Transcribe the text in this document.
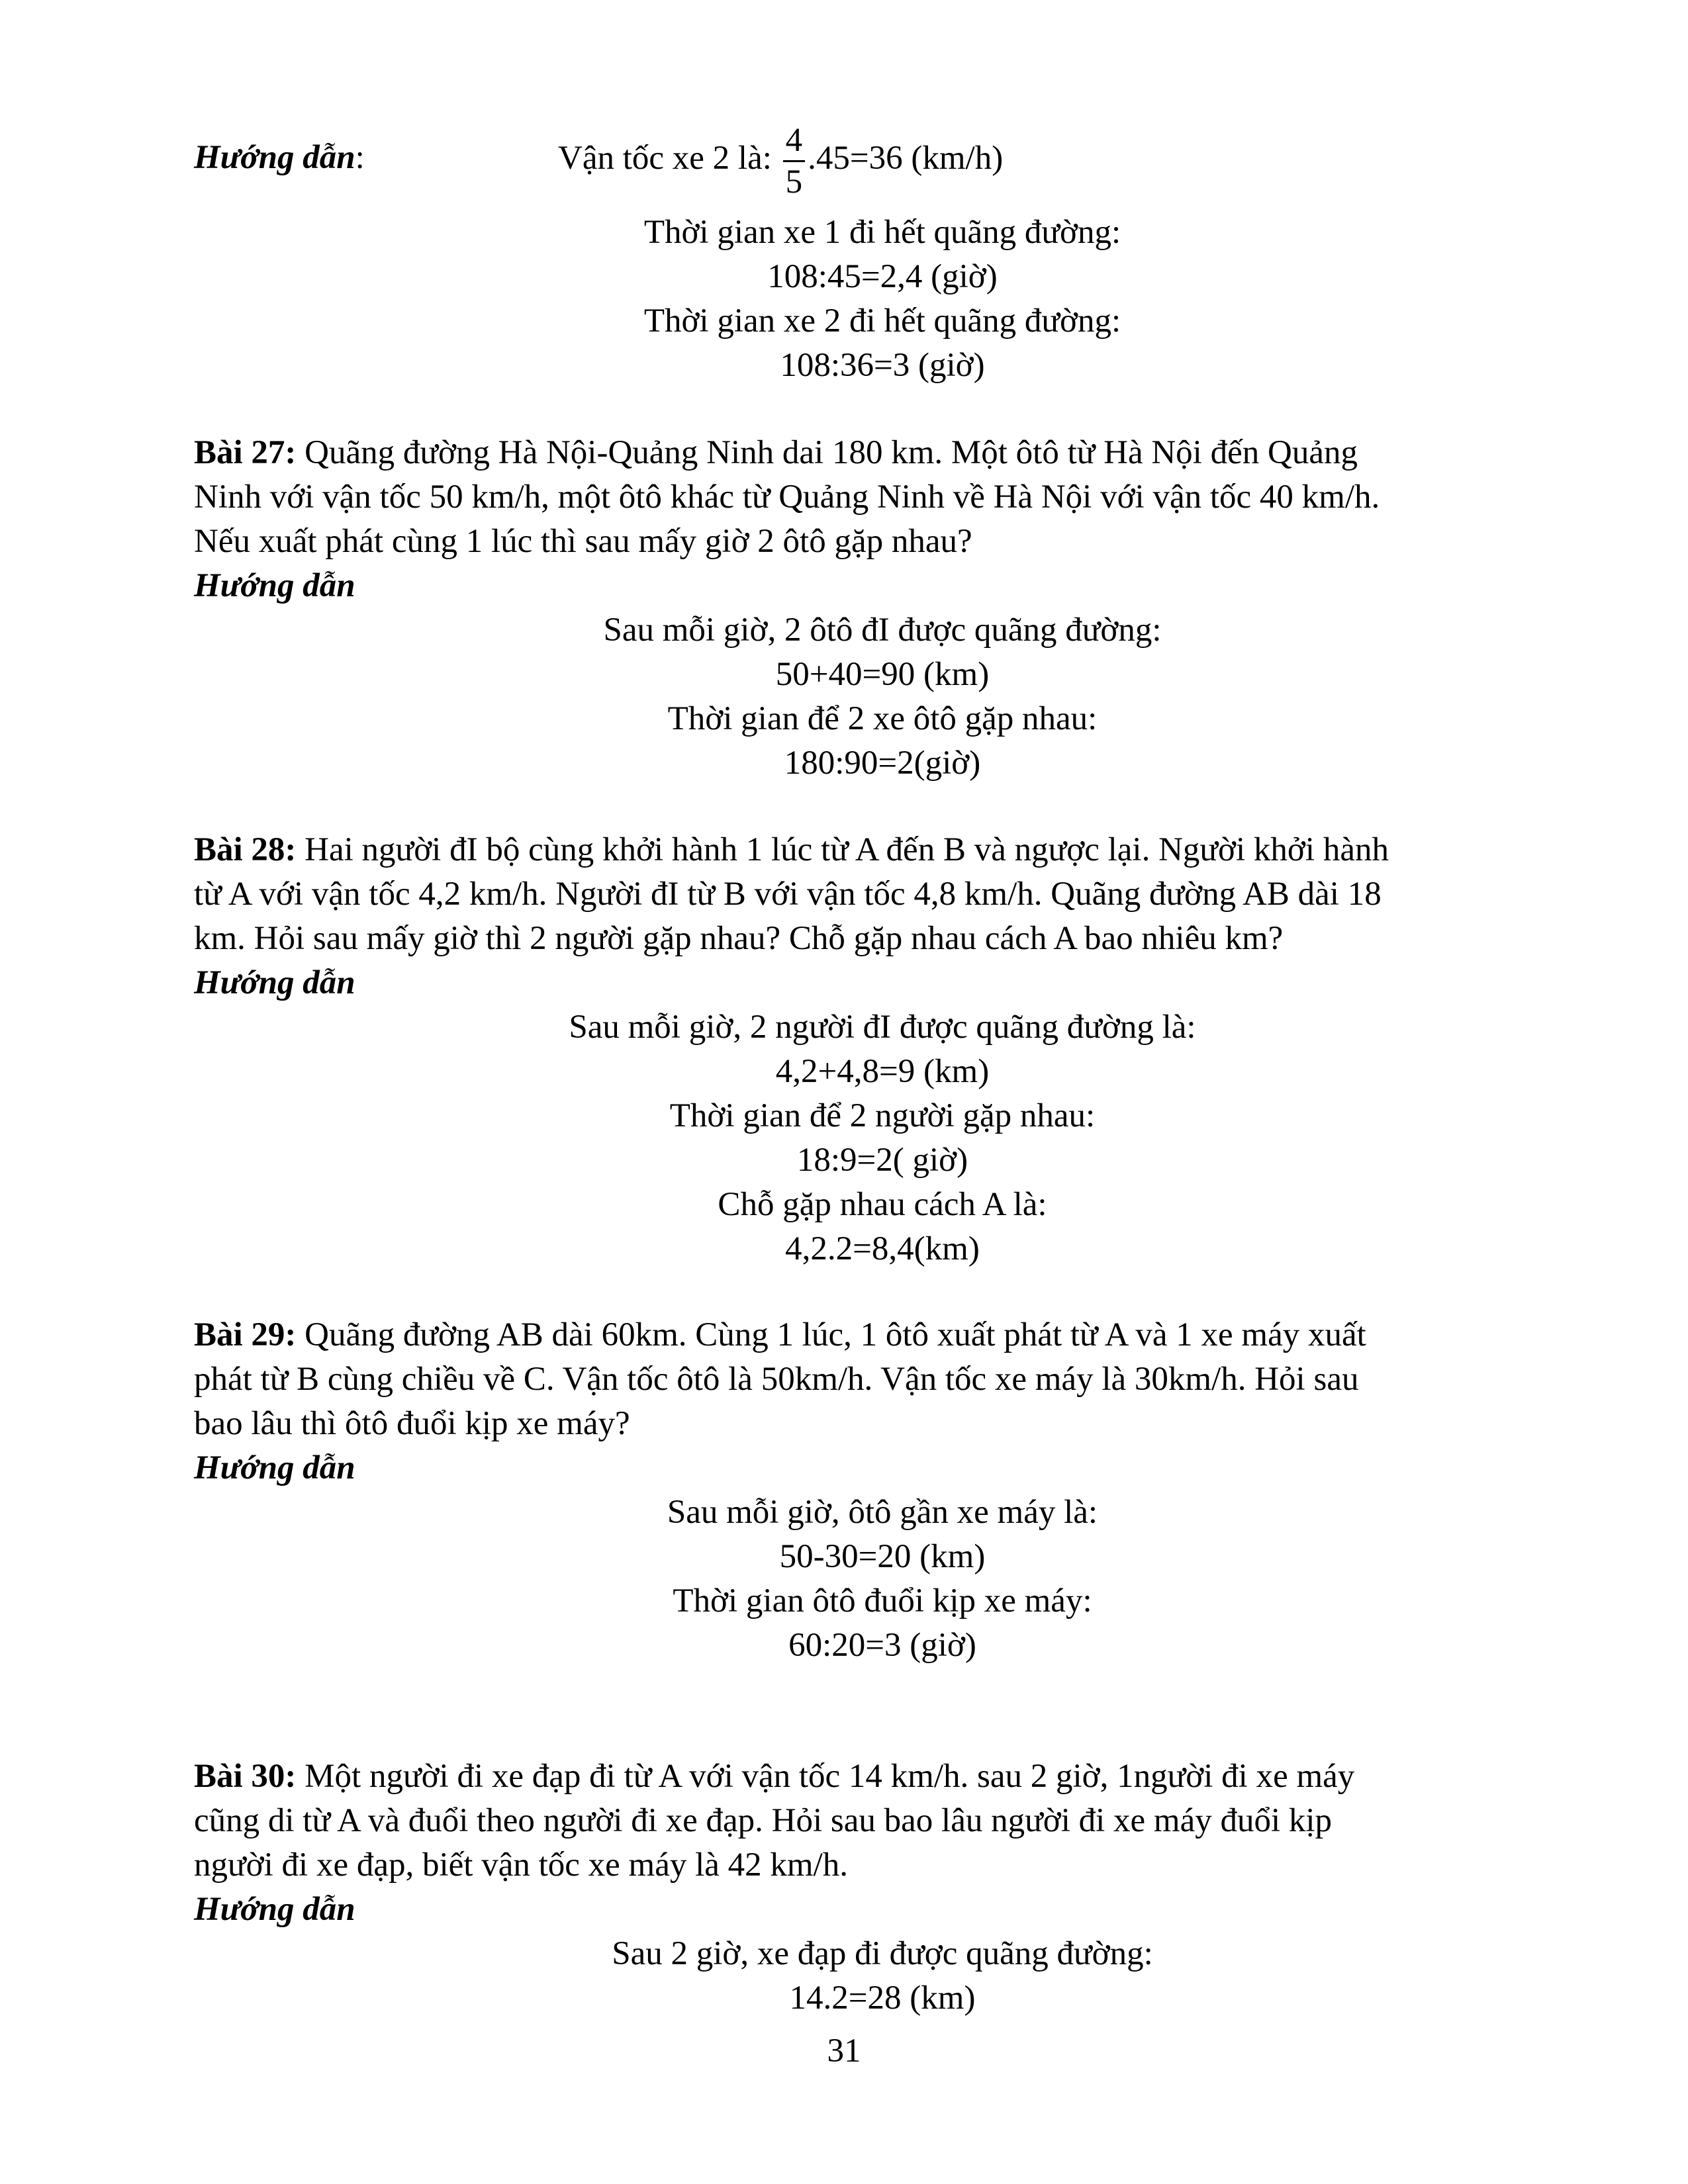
Hướng dẫn:	Vận tốc xe 2 là: $\frac{4}{5} .45=36$ (km/h)
Thời gian xe 1 đi hết quãng đường:
108:45=2,4 (giờ)
Thời gian xe 2 đi hết quãng đường:
108:36=3 (giờ)
Bài 27: Quãng đường Hà Nội-Quảng Ninh dai 180 km. Một ôtô từ Hà Nội đến Quảng
Ninh với vận tốc 50 km/h, một ôtô khác từ Quảng Ninh về Hà Nội với vận tốc 40 km/h.
Nếu xuất phát cùng 1 lúc thì sau mấy giờ 2 ôtô gặp nhau?
Hướng dẫn
Sau mỗi giờ, 2 ôtô đI được quãng đường:
50+40=90 (km)
Thời gian để 2 xe ôtô gặp nhau:
180:90=2(giờ)
Bài 28: Hai người đI bộ cùng khởi hành 1 lúc từ A đến B và ngược lại. Người khởi hành
từ A với vận tốc 4,2 km/h. Người đI từ B với vận tốc 4,8 km/h. Quãng đường AB dài 18
km. Hỏi sau mấy giờ thì 2 người gặp nhau? Chỗ gặp nhau cách A bao nhiêu km?
Hướng dẫn
Sau mỗi giờ, 2 người đI được quãng đường là:
4,2+4,8=9 (km)
Thời gian để 2 người gặp nhau:
18:9=2( giờ)
Chỗ gặp nhau cách A là:
4,2.2=8,4(km)
Bài 29: Quãng đường AB dài 60km. Cùng 1 lúc, 1 ôtô xuất phát từ A và 1 xe máy xuất
phát từ B cùng chiều về C. Vận tốc ôtô là 50km/h. Vận tốc xe máy là 30km/h. Hỏi sau
bao lâu thì ôtô đuổi kịp xe máy?
Hướng dẫn
Sau mỗi giờ, ôtô gần xe máy là:
50-30=20 (km)
Thời gian ôtô đuổi kịp xe máy:
60:20=3 (giờ)
Bài 30: Một người đi xe đạp đi từ A với vận tốc 14 km/h. sau 2 giờ, 1người đi xe máy
cũng di từ A và đuổi theo người đi xe đạp. Hỏi sau bao lâu người đi xe máy đuổi kịp
người đi xe đạp, biết vận tốc xe máy là 42 km/h.
Hướng dẫn
Sau 2 giờ, xe đạp đi được quãng đường:
14.2=28 (km)
31
